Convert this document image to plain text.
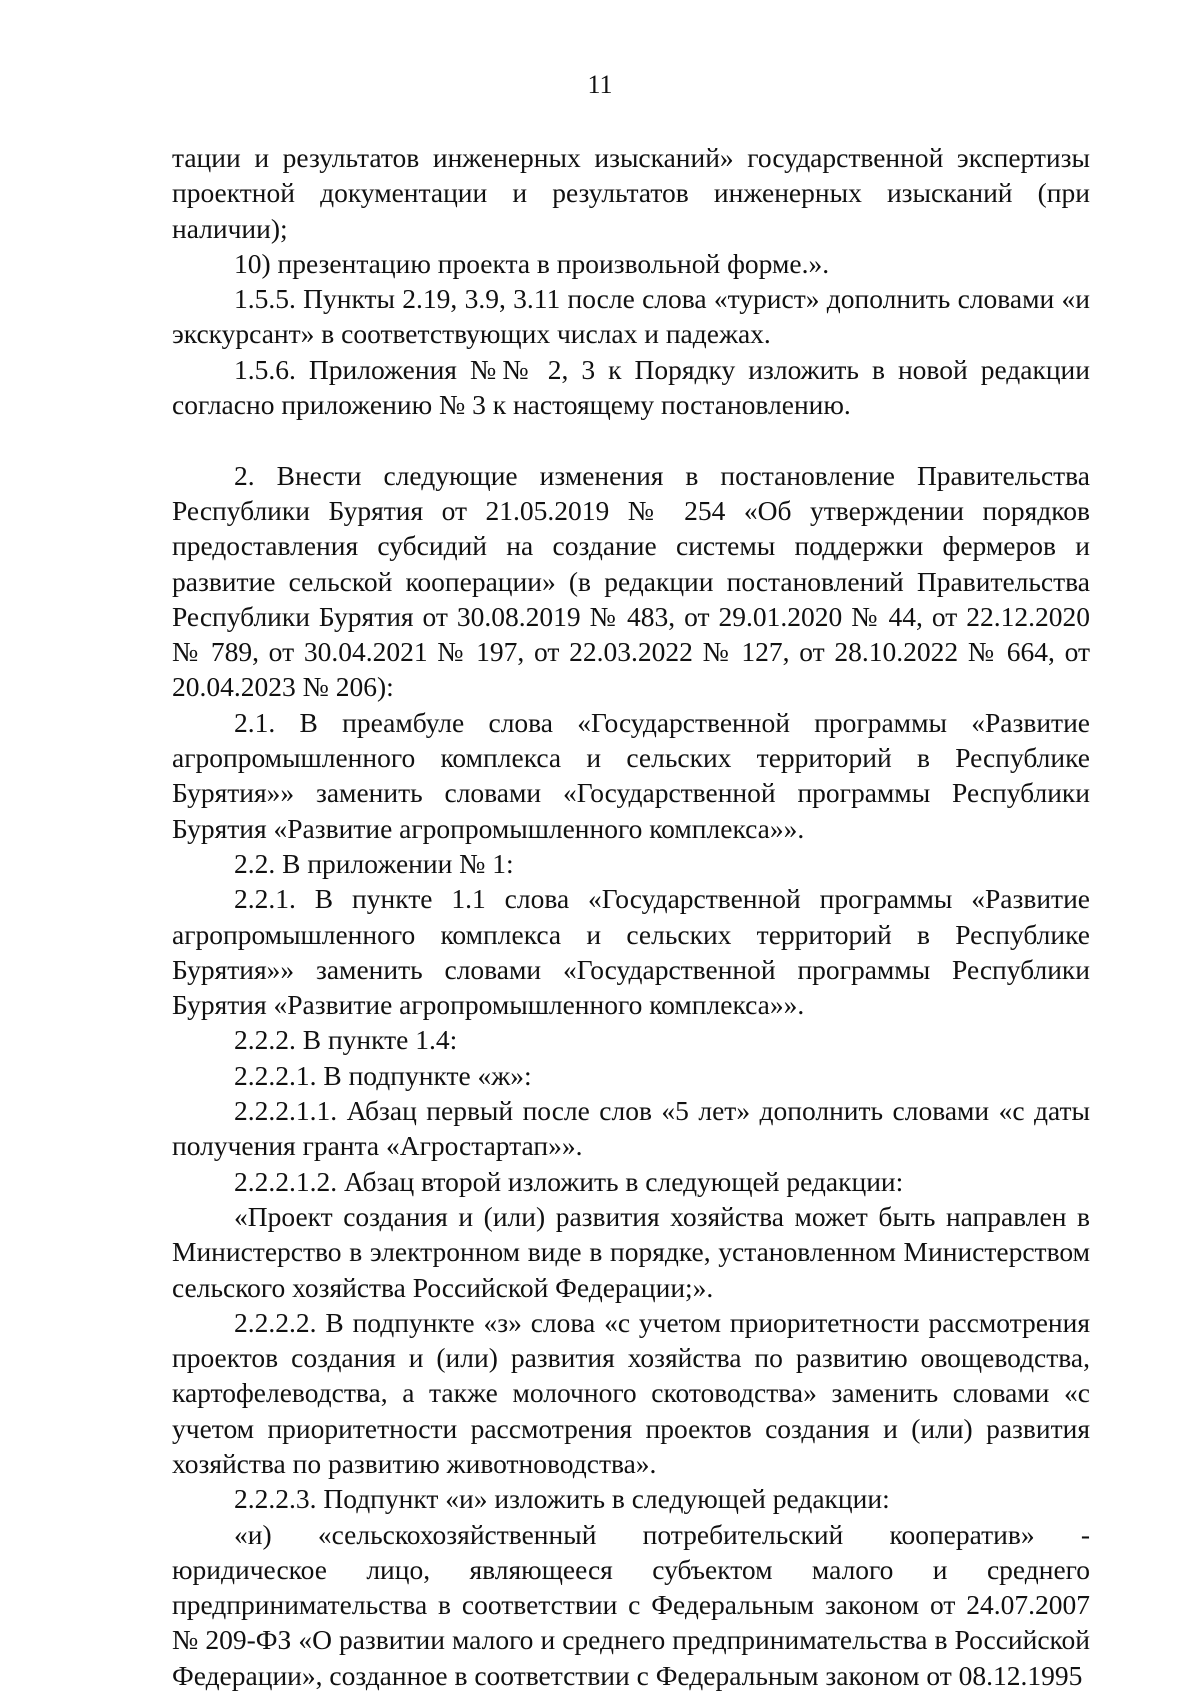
11

тации и результатов инженерных изысканий» государственной экспертизы проектной документации и результатов инженерных изысканий (при наличии);

10) презентацию проекта в произвольной форме.».

1.5.5. Пункты 2.19, 3.9, 3.11 после слова «турист» дополнить словами «и экскурсант» в соответствующих числах и падежах.

1.5.6. Приложения №№ 2, 3 к Порядку изложить в новой редакции согласно приложению № 3 к настоящему постановлению.

2. Внести следующие изменения в постановление Правительства Республики Бурятия от 21.05.2019 № 254 «Об утверждении порядков предоставления субсидий на создание системы поддержки фермеров и развитие сельской кооперации» (в редакции постановлений Правительства Республики Бурятия от 30.08.2019 № 483, от 29.01.2020 № 44, от 22.12.2020 № 789, от 30.04.2021 № 197, от 22.03.2022 № 127, от 28.10.2022 № 664, от 20.04.2023 № 206):

2.1. В преамбуле слова «Государственной программы «Развитие агропромышленного комплекса и сельских территорий в Республике Бурятия»» заменить словами «Государственной программы Республики Бурятия «Развитие агропромышленного комплекса»».

2.2. В приложении № 1:

2.2.1. В пункте 1.1 слова «Государственной программы «Развитие агропромышленного комплекса и сельских территорий в Республике Бурятия»» заменить словами «Государственной программы Республики Бурятия «Развитие агропромышленного комплекса»».

2.2.2. В пункте 1.4:

2.2.2.1. В подпункте «ж»:

2.2.2.1.1. Абзац первый после слов «5 лет» дополнить словами «с даты получения гранта «Агростартап»».

2.2.2.1.2. Абзац второй изложить в следующей редакции:

«Проект создания и (или) развития хозяйства может быть направлен в Министерство в электронном виде в порядке, установленном Министерством сельского хозяйства Российской Федерации;».

2.2.2.2. В подпункте «з» слова «с учетом приоритетности рассмотрения проектов создания и (или) развития хозяйства по развитию овощеводства, картофелеводства, а также молочного скотоводства» заменить словами «с учетом приоритетности рассмотрения проектов создания и (или) развития хозяйства по развитию животноводства».

2.2.2.3. Подпункт «и» изложить в следующей редакции:

«и) «сельскохозяйственный потребительский кооператив» - юридическое лицо, являющееся субъектом малого и среднего предпринимательства в соответствии с Федеральным законом от 24.07.2007 № 209-ФЗ «О развитии малого и среднего предпринимательства в Российской Федерации», созданное в соответствии с Федеральным законом от 08.12.1995
